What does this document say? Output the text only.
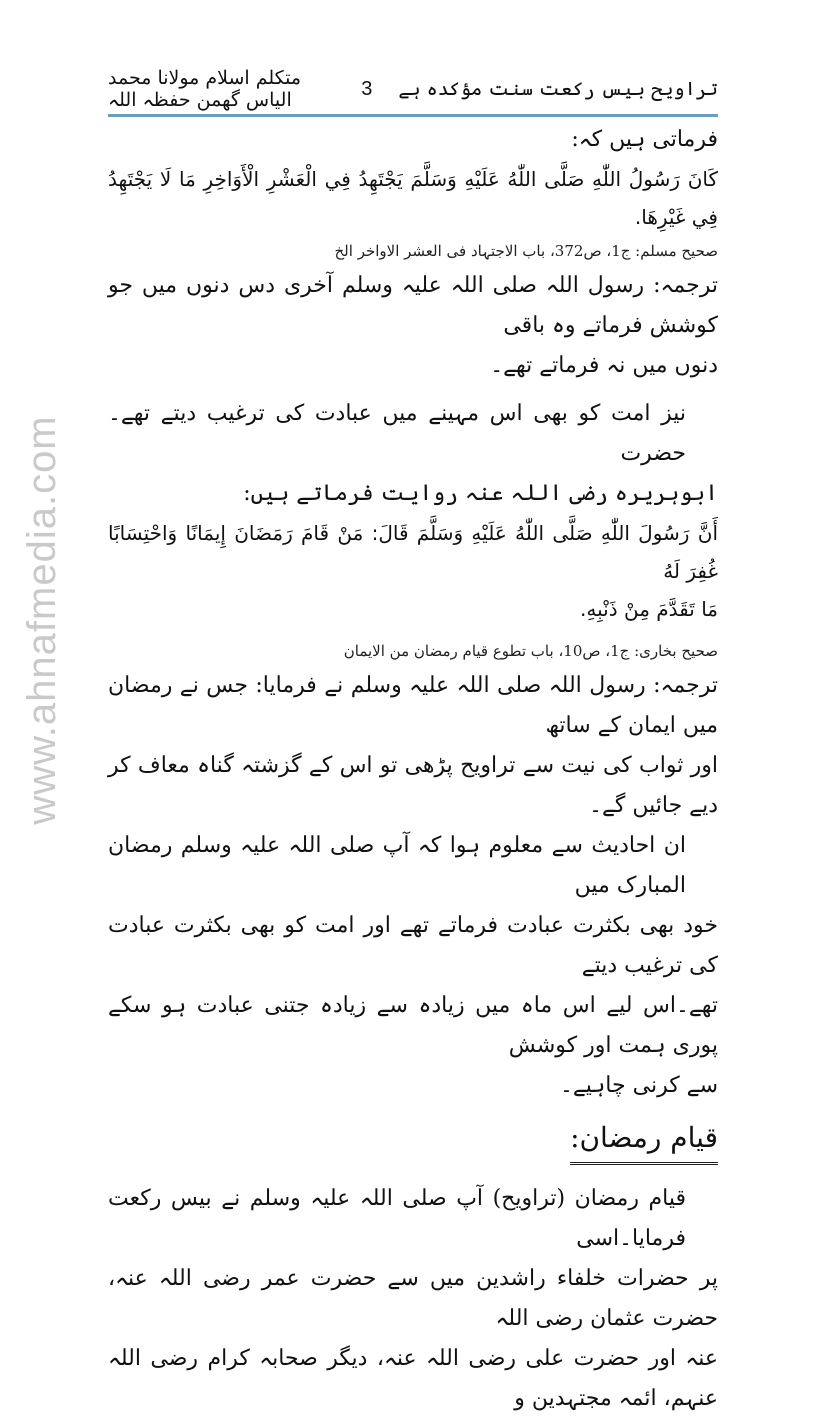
www.ahnafmedia.com
تراویح بیس رکعت سنت مؤکدہ ہے
3
متکلم اسلام مولانا محمد الیاس گھمن حفظہ اللہ

فرماتی ہیں کہ:

كَانَ رَسُولُ اللّٰهِ صَلَّى اللّٰهُ عَلَيْهِ وَسَلَّمَ يَجْتَهِدُ فِي الْعَشْرِ الْأَوَاخِرِ مَا لَا يَجْتَهِدُ فِي غَيْرِهَا.

صحیح مسلم: ج1، ص372، باب الاجتہاد فی العشر الاواخر الخ

ترجمہ: رسول اللہ صلی اللہ علیہ وسلم آخری دس دنوں میں جو کوشش فرماتے وہ باقی

دنوں میں نہ فرماتے تھے۔

نیز امت کو بھی اس مہینے میں عبادت کی ترغیب دیتے تھے۔حضرت

ابوہریرہ رضی اللہ عنہ روایت فرماتے ہیں:

أَنَّ رَسُولَ اللّٰهِ صَلَّى اللّٰهُ عَلَيْهِ وَسَلَّمَ قَالَ: مَنْ قَامَ رَمَضَانَ إِيمَانًا وَاحْتِسَابًا غُفِرَ لَهُ

مَا تَقَدَّمَ مِنْ ذَنْبِهِ.

صحیح بخاری: ج1، ص10، باب تطوع قیام رمضان من الایمان

ترجمہ: رسول اللہ صلی اللہ علیہ وسلم نے فرمایا: جس نے رمضان میں ایمان کے ساتھ

اور ثواب کی نیت سے تراویح پڑھی تو اس کے گزشتہ گناہ معاف کر دیے جائیں گے۔

ان احادیث سے معلوم ہوا کہ آپ صلی اللہ علیہ وسلم رمضان المبارک میں

خود بھی بکثرت عبادت فرماتے تھے اور امت کو بھی بکثرت عبادت کی ترغیب دیتے

تھے۔اس لیے اس ماہ میں زیادہ سے زیادہ جتنی عبادت ہو سکے پوری ہمت اور کوشش

سے کرنی چاہیے۔

قیام رمضان:

قیام رمضان (تراویح) آپ صلی اللہ علیہ وسلم نے بیس رکعت فرمایا۔اسی

پر حضرات خلفاء راشدین میں سے حضرت عمر رضی اللہ عنہ، حضرت عثمان رضی اللہ

عنہ اور حضرت علی رضی اللہ عنہ، دیگر صحابہ کرام رضی اللہ عنہم، ائمہ مجتہدین و
